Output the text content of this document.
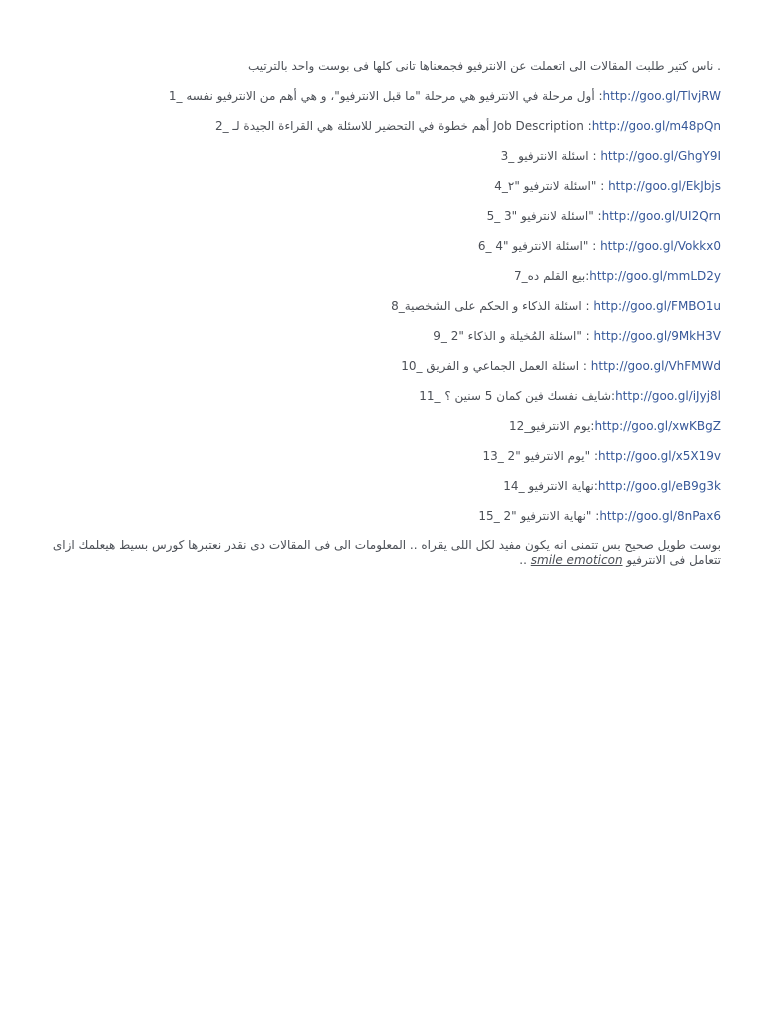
. ناس كتير طلبت المقالات الى اتعملت عن الانترفيو فجمعناها تانى كلها فى بوست واحد بالترتيب

http://goo.gl/TlvjRW: أول مرحلة في الانترفيو هي مرحلة "ما قبل الانترفيو"، و هي أهم من الانترفيو نفسه _1

http://goo.gl/m48pQn: Job Description أهم خطوة في التحضير للاسئلة هي القراءة الجيدة لـ _2

http://goo.gl/GhgY9I : اسئلة الانترفيو _3

http://goo.gl/EkJbjs : "اسئلة لانترفيو "٢_4

http://goo.gl/UI2Qrn: "اسئلة لانترفيو "3 _5

http://goo.gl/Vokkx0 : "اسئلة الانترفيو "4 _6

http://goo.gl/mmLD2y:بيع القلم ده_7

http://goo.gl/FMBO1u : اسئلة الذكاء و الحكم على الشخصية_8

http://goo.gl/9MkH3V : "اسئلة المُخيلة و الذكاء "2 _9

http://goo.gl/VhFMWd : اسئلة العمل الجماعي و الفريق _10

http://goo.gl/iJyj8l:شايف نفسك فين كمان 5 سنين ؟ _11

http://goo.gl/xwKBgZ:يوم الانترفيو_12

http://goo.gl/x5X19v: "يوم الانترفيو "2 _13

http://goo.gl/eB9g3k:نهاية الانترفيو _14

http://goo.gl/8nPax6: "نهاية الانترفيو "2 _15

بوست طويل صحيح بس تتمنى انه يكون مفيد لكل اللى يقراه .. المعلومات الى فى المقالات دى نقدر نعتبرها كورس بسيط هيعلمك ازاى تتعامل فى الانترفيو smile emoticon ..
